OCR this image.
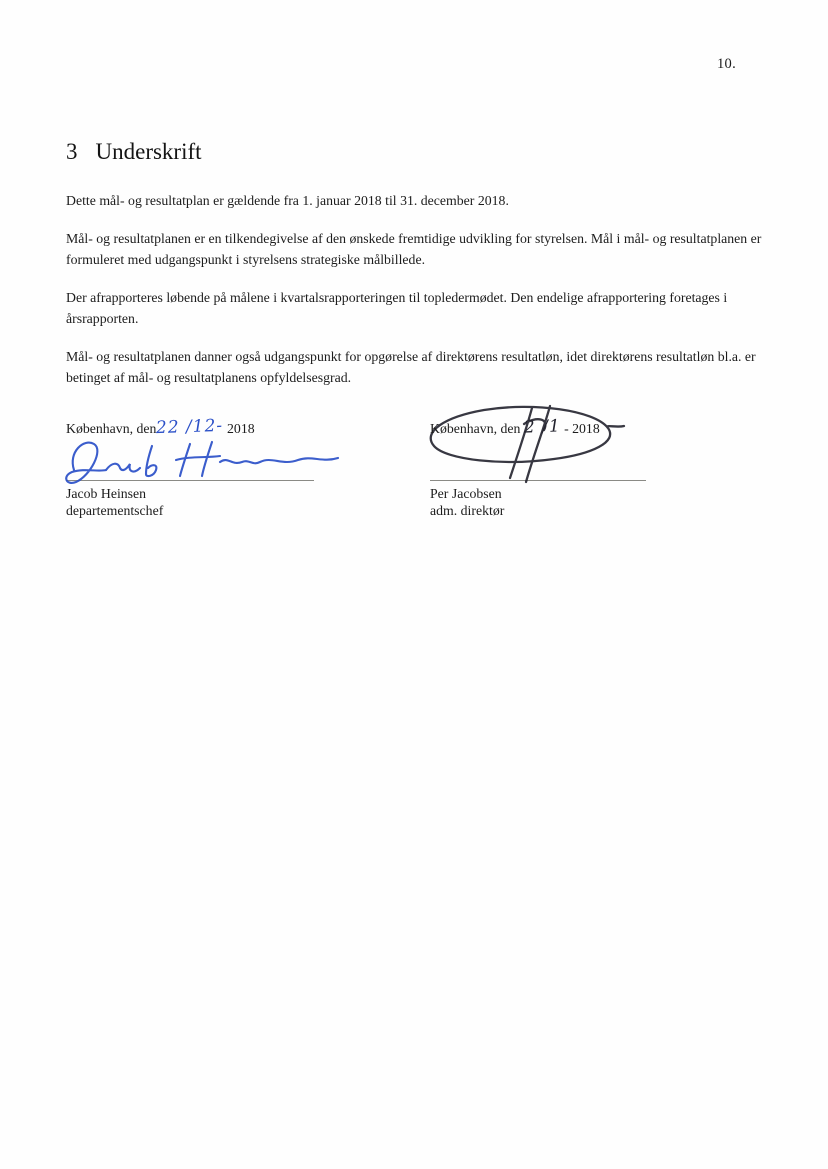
10.
3 Underskrift

Dette mål- og resultatplan er gældende fra 1. januar 2018 til 31. december 2018.

Mål- og resultatplanen er en tilkendegivelse af den ønskede fremtidige udvikling for styrelsen. Mål i mål- og resultatplanen er formuleret med udgangspunkt i styrelsens strategiske målbillede.

Der afrapporteres løbende på målene i kvartalsrapporteringen til topledermødet. Den endelige afrapportering foretages i årsrapporten.

Mål- og resultatplanen danner også udgangspunkt for opgørelse af direktørens resultatløn, idet direktørens resultatløn bl.a. er betinget af mål- og resultatplanens opfyldelsesgrad.

København, den22 /12- 2018
Jacob Heinsen
departementschef
København, den 2 /1 - 2018
Per Jacobsen
adm. direktør
